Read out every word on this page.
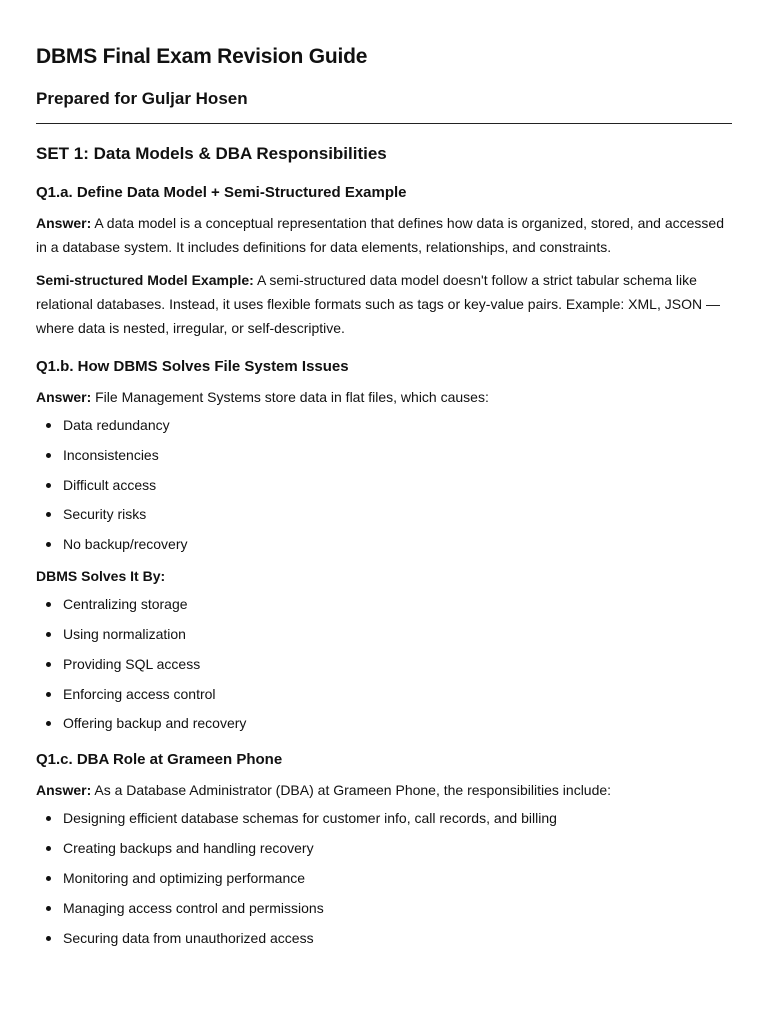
DBMS Final Exam Revision Guide
Prepared for Guljar Hosen
SET 1: Data Models & DBA Responsibilities
Q1.a. Define Data Model + Semi-Structured Example

Answer: A data model is a conceptual representation that defines how data is organized, stored, and accessed in a database system. It includes definitions for data elements, relationships, and constraints.

Semi-structured Model Example: A semi-structured data model doesn't follow a strict tabular schema like relational databases. Instead, it uses flexible formats such as tags or key-value pairs. Example: XML, JSON — where data is nested, irregular, or self-descriptive.

Q1.b. How DBMS Solves File System Issues

Answer: File Management Systems store data in flat files, which causes:

Data redundancy
Inconsistencies
Difficult access
Security risks
No backup/recovery

DBMS Solves It By:

Centralizing storage
Using normalization
Providing SQL access
Enforcing access control
Offering backup and recovery
Q1.c. DBA Role at Grameen Phone

Answer: As a Database Administrator (DBA) at Grameen Phone, the responsibilities include:

Designing efficient database schemas for customer info, call records, and billing
Creating backups and handling recovery
Monitoring and optimizing performance
Managing access control and permissions
Securing data from unauthorized access
